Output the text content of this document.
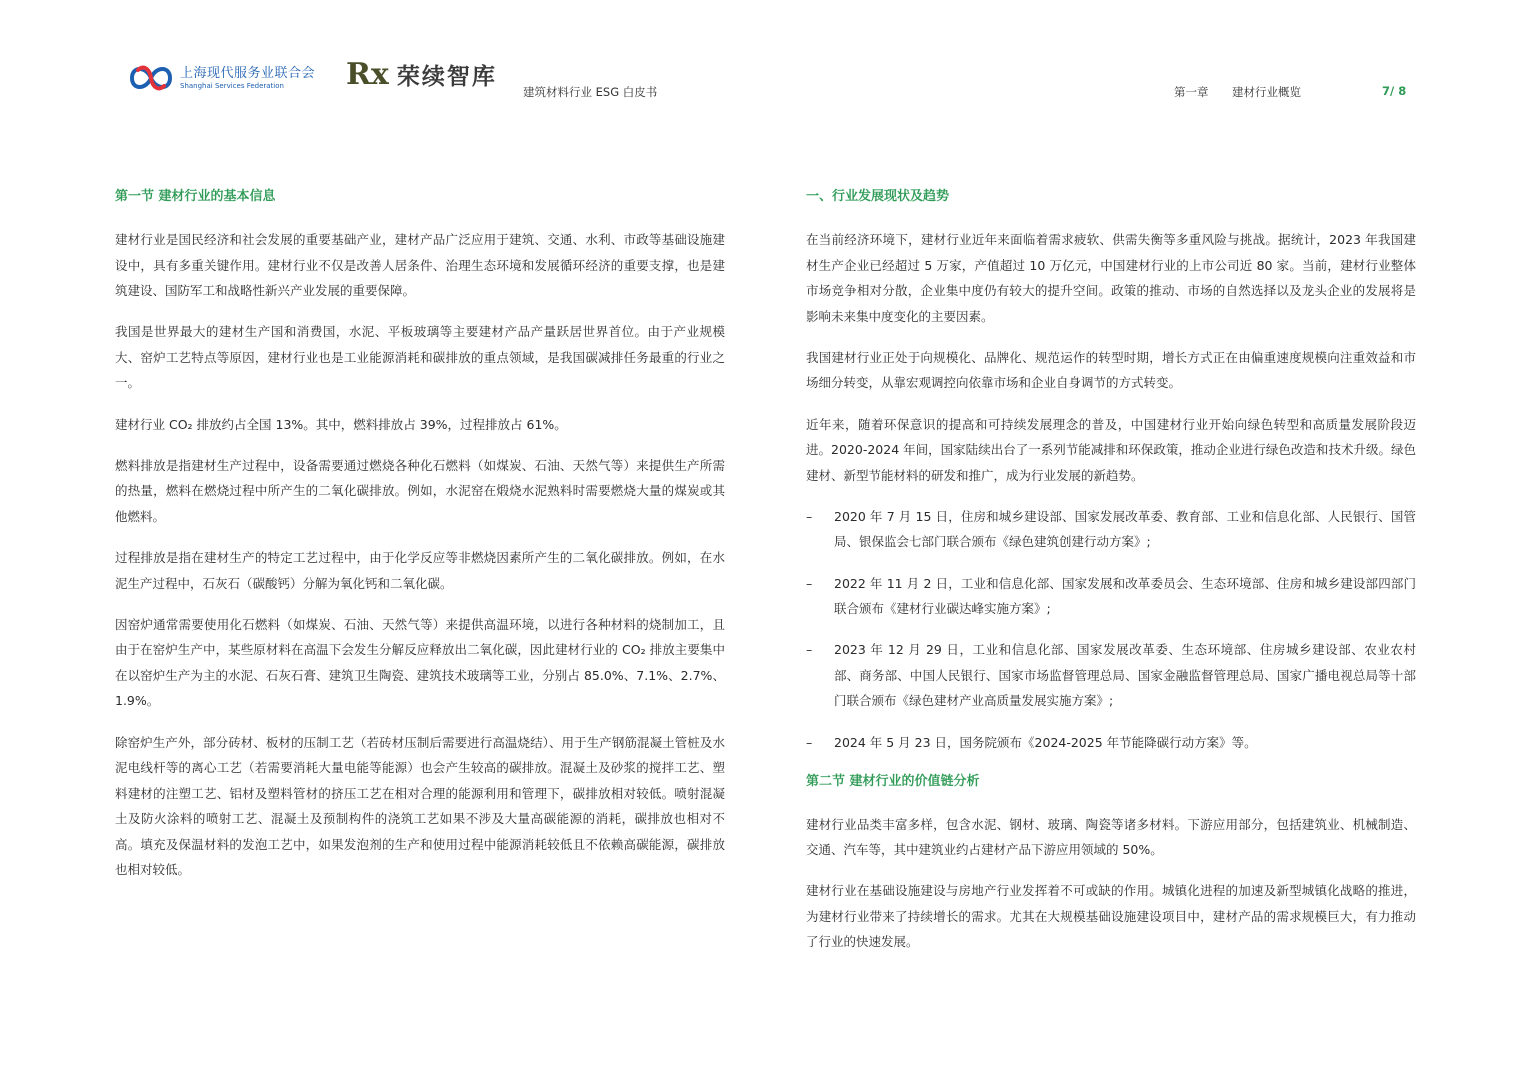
上海现代服务业联合会
Shanghai Services Federation	Rx 荣续智库
建筑材料行业 ESG 白皮书	第一章 建材行业概览	7/ 8
第一节 建材行业的基本信息
建材行业是国民经济和社会发展的重要基础产业，建材产品广泛应用于建筑、交通、水利、市政等基础设施建设中，具有多重关键作用。建材行业不仅是改善人居条件、治理生态环境和发展循环经济的重要支撑，也是建筑建设、国防军工和战略性新兴产业发展的重要保障。
我国是世界最大的建材生产国和消费国，水泥、平板玻璃等主要建材产品产量跃居世界首位。由于产业规模大、窑炉工艺特点等原因，建材行业也是工业能源消耗和碳排放的重点领域，是我国碳减排任务最重的行业之一。
建材行业 CO₂ 排放约占全国 13%。其中，燃料排放占 39%，过程排放占 61%。
燃料排放是指建材生产过程中，设备需要通过燃烧各种化石燃料（如煤炭、石油、天然气等）来提供生产所需的热量，燃料在燃烧过程中所产生的二氧化碳排放。例如，水泥窑在煅烧水泥熟料时需要燃烧大量的煤炭或其他燃料。
过程排放是指在建材生产的特定工艺过程中，由于化学反应等非燃烧因素所产生的二氧化碳排放。例如，在水泥生产过程中，石灰石（碳酸钙）分解为氧化钙和二氧化碳。
因窑炉通常需要使用化石燃料（如煤炭、石油、天然气等）来提供高温环境，以进行各种材料的烧制加工，且由于在窑炉生产中，某些原材料在高温下会发生分解反应释放出二氧化碳，因此建材行业的 CO₂ 排放主要集中在以窑炉生产为主的水泥、石灰石膏、建筑卫生陶瓷、建筑技术玻璃等工业，分别占 85.0%、7.1%、2.7%、1.9%。
除窑炉生产外，部分砖材、板材的压制工艺（若砖材压制后需要进行高温烧结）、用于生产钢筋混凝土管桩及水泥电线杆等的离心工艺（若需要消耗大量电能等能源）也会产生较高的碳排放。混凝土及砂浆的搅拌工艺、塑料建材的注塑工艺、铝材及塑料管材的挤压工艺在相对合理的能源利用和管理下，碳排放相对较低。喷射混凝土及防火涂料的喷射工艺、混凝土及预制构件的浇筑工艺如果不涉及大量高碳能源的消耗，碳排放也相对不高。填充及保温材料的发泡工艺中，如果发泡剂的生产和使用过程中能源消耗较低且不依赖高碳能源，碳排放也相对较低。
一、行业发展现状及趋势
在当前经济环境下，建材行业近年来面临着需求疲软、供需失衡等多重风险与挑战。据统计，2023 年我国建材生产企业已经超过 5 万家，产值超过 10 万亿元，中国建材行业的上市公司近 80 家。当前，建材行业整体市场竞争相对分散，企业集中度仍有较大的提升空间。政策的推动、市场的自然选择以及龙头企业的发展将是影响未来集中度变化的主要因素。
我国建材行业正处于向规模化、品牌化、规范运作的转型时期，增长方式正在由偏重速度规模向注重效益和市场细分转变，从靠宏观调控向依靠市场和企业自身调节的方式转变。
近年来，随着环保意识的提高和可持续发展理念的普及，中国建材行业开始向绿色转型和高质量发展阶段迈进。2020-2024 年间，国家陆续出台了一系列节能减排和环保政策，推动企业进行绿色改造和技术升级。绿色建材、新型节能材料的研发和推广，成为行业发展的新趋势。
–	2020 年 7 月 15 日，住房和城乡建设部、国家发展改革委、教育部、工业和信息化部、人民银行、国管局、银保监会七部门联合颁布《绿色建筑创建行动方案》;
–	2022 年 11 月 2 日，工业和信息化部、国家发展和改革委员会、生态环境部、住房和城乡建设部四部门联合颁布《建材行业碳达峰实施方案》;
–	2023 年 12 月 29 日，工业和信息化部、国家发展改革委、生态环境部、住房城乡建设部、农业农村部、商务部、中国人民银行、国家市场监督管理总局、国家金融监督管理总局、国家广播电视总局等十部门联合颁布《绿色建材产业高质量发展实施方案》;
–	2024 年 5 月 23 日，国务院颁布《2024-2025 年节能降碳行动方案》等。
第二节 建材行业的价值链分析
建材行业品类丰富多样，包含水泥、钢材、玻璃、陶瓷等诸多材料。下游应用部分，包括建筑业、机械制造、交通、汽车等，其中建筑业约占建材产品下游应用领域的 50%。
建材行业在基础设施建设与房地产行业发挥着不可或缺的作用。城镇化进程的加速及新型城镇化战略的推进，为建材行业带来了持续增长的需求。尤其在大规模基础设施建设项目中，建材产品的需求规模巨大，有力推动了行业的快速发展。
